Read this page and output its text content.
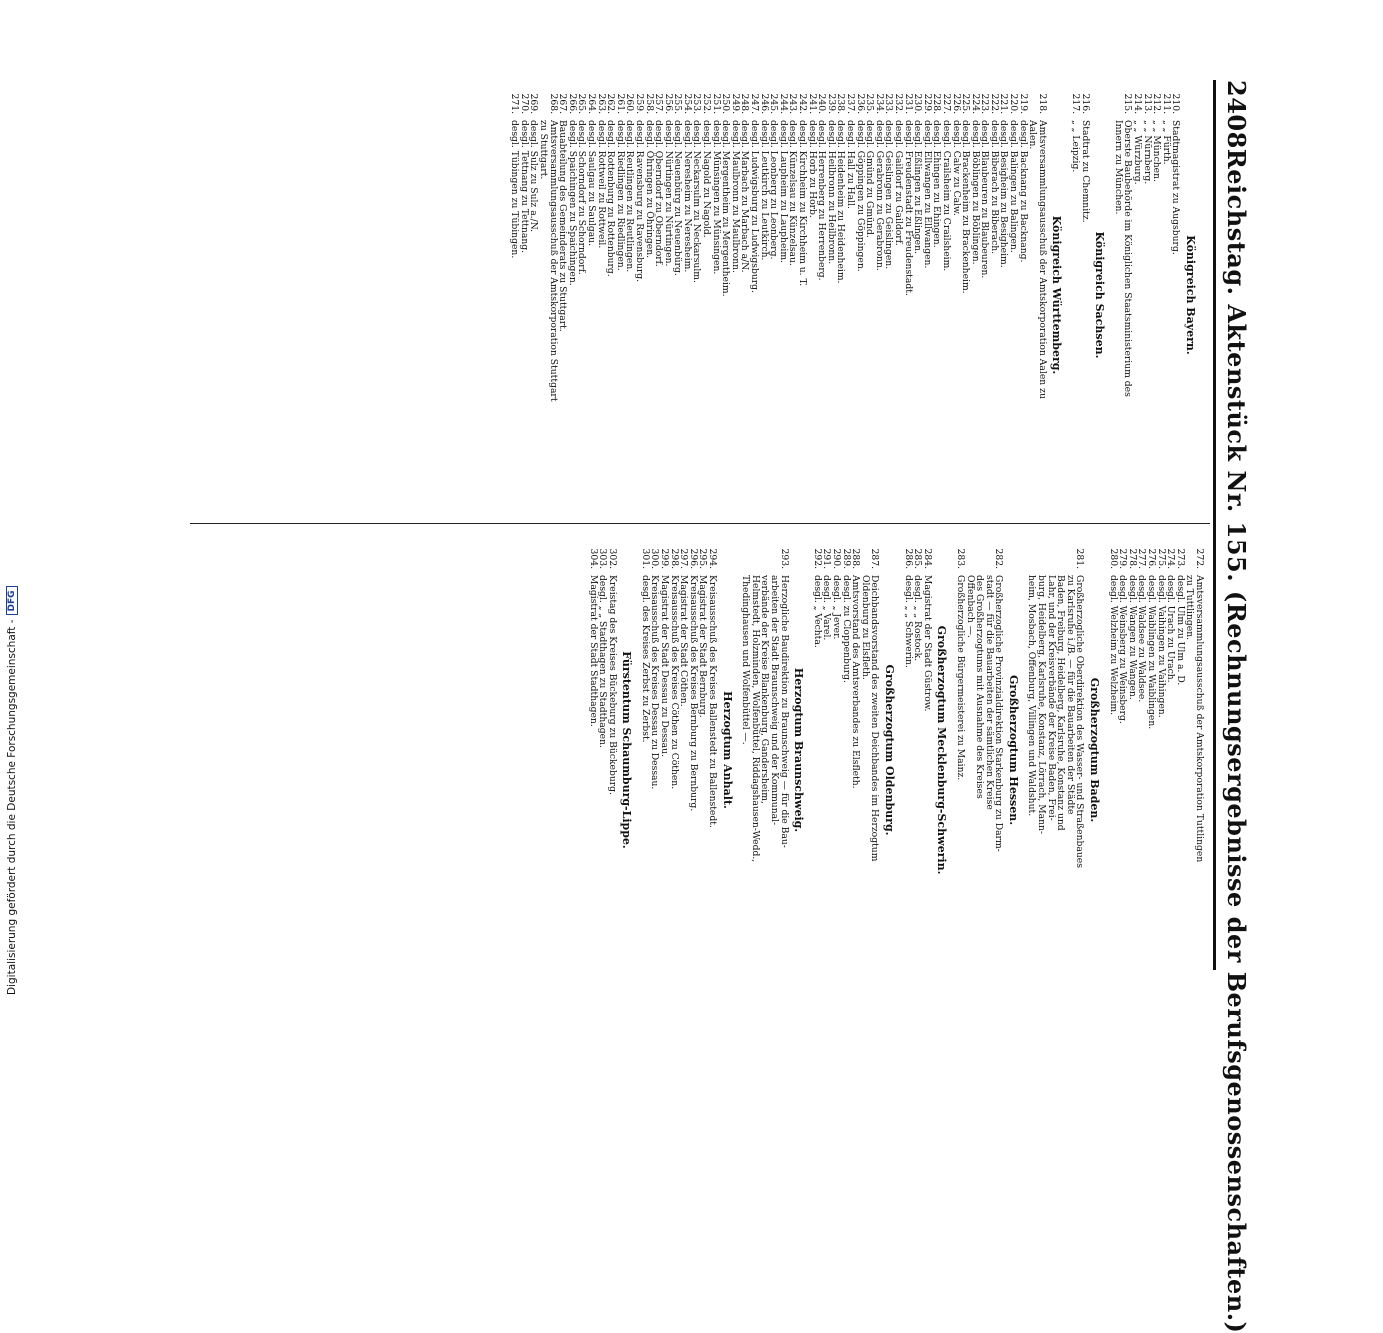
2408
Reichstag. Aktenstück Nr. 155. (Rechnungsergebnisse der Berufsgenossenschaften.)
Königreich Bayern.
210.
Stadtmagistrat zu Augsburg.
211.
„ „ Fürth.
212.
„ „ München.
213.
„ „ Nürnberg.
214.
„ „ Würzburg.
215.
Oberste Baubehörde im Königlichen Staatsministerium des
Innern zu München.
Königreich Sachsen.
216.
Stadtrat zu Chemnitz.
217.
„ „ Leipzig.
Königreich Württemberg.
218.
Amtsversammlungsausschuß der Amtskorporation Aalen zu
Aalen.
219.
desgl. Backnang zu Backnang.
220.
desgl. Balingen zu Balingen.
221.
desgl. Besigheim zu Besigheim.
222.
desgl. Biberach zu Biberach.
223.
desgl. Blaubeuren zu Blaubeuren.
224.
desgl. Böblingen zu Böblingen.
225.
desgl. Brackenheim zu Brackenheim.
226.
desgl. Calw zu Calw.
227.
desgl. Crailsheim zu Crailsheim.
228.
desgl. Ehingen zu Ehingen.
229.
desgl. Ellwangen zu Ellwangen.
230.
desgl. Eßlingen zu Eßlingen.
231.
desgl. Freudenstadt zu Freudenstadt.
232.
desgl. Gaildorf zu Gaildorf.
233.
desgl. Geislingen zu Geislingen.
234.
desgl. Gerabronn zu Gerabronn.
235.
desgl. Gmünd zu Gmünd.
236.
desgl. Göppingen zu Göppingen.
237.
desgl. Hall zu Hall.
238.
desgl. Heidenheim zu Heidenheim.
239.
desgl. Heilbronn zu Heilbronn.
240.
desgl. Herrenberg zu Herrenberg.
241.
desgl. Horb zu Horb.
242.
desgl. Kirchheim zu Kirchheim u. T.
243.
desgl. Künzelsau zu Künzelsau.
244.
desgl. Laupheim zu Laupheim.
245.
desgl. Leonberg zu Leonberg.
246.
desgl. Leutkirch zu Leutkirch.
247.
desgl. Ludwigsburg zu Ludwigsburg.
248.
desgl. Marbach zu Marbach a/N.
249.
desgl. Maulbronn zu Maulbronn.
250.
desgl. Mergentheim zu Mergentheim.
251.
desgl. Münsingen zu Münsingen.
252.
desgl. Nagold zu Nagold.
253.
desgl. Neckarsulm zu Neckarsulm.
254.
desgl. Neresheim zu Neresheim.
255.
desgl. Neuenbürg zu Neuenbürg.
256.
desgl. Nürtingen zu Nürtingen.
257.
desgl. Oberndorf zu Oberndorf.
258.
desgl. Öhringen zu Öhringen.
259.
desgl. Ravensburg zu Ravensburg.
260.
desgl. Reutlingen zu Reutlingen.
261.
desgl. Riedlingen zu Riedlingen.
262.
desgl. Rottenburg zu Rottenburg.
263.
desgl. Rottweil zu Rottweil.
264.
desgl. Saulgau zu Saulgau.
265.
desgl. Schorndorf zu Schorndorf.
266.
desgl. Spaichingen zu Spaichingen.
267.
Bauabteilung des Gemeinderats zu Stuttgart.
268.
Amtsversammlungsausschuß der Amtskorporation Stuttgart
zu Stuttgart.
269.
desgl. Sulz zu Sulz a./N.
270.
desgl. Tettnang zu Tettnang.
271.
desgl. Tübingen zu Tübingen.
272.
Amtsversammlungsausschuß der Amtskorporation Tuttlingen
zu Tuttlingen.
273.
desgl. Ulm zu Ulm a. D.
274.
desgl. Urach zu Urach.
275.
desgl. Vaihingen zu Vaihingen.
276.
desgl. Waiblingen zu Waiblingen.
277.
desgl. Waldsee zu Waldsee.
278.
desgl. Wangen zu Wangen.
279.
desgl. Weinsberg zu Weinsberg.
280.
desgl. Welzheim zu Welzheim.
Großherzogtum Baden.
281.
Großherzogliche Oberdirektion des Wasser- und Straßenbaues
zu Karlsruhe i./B. — für die Bauarbeiten der Städte
Baden, Freiburg, Heidelberg, Karlsruhe, Konstanz und
Lahr, und der Kreisverbände der Kreise Baden, Frei-
burg, Heidelberg, Karlsruhe, Konstanz, Lörrach, Mann-
heim, Mosbach, Offenburg, Villingen und Waldshut.
Großherzogtum Hessen.
282.
Großherzogliche Provinzialdirektion Starkenburg zu Darm-
stadt — für die Bauarbeiten der sämtlichen Kreise
des Großherzogtums mit Ausnahme des Kreises
Offenbach —.
283.
Großherzogliche Bürgermeisterei zu Mainz.
Großherzogtum Mecklenburg-Schwerin.
284.
Magistrat der Stadt Güstrow.
285.
desgl. „ „ Rostock.
286.
desgl. „ „ Schwerin.
Großherzogtum Oldenburg.
287.
Deichbandsvorstand des zweiten Deichbandes im Herzogtum
Oldenburg zu Elsfleth.
288.
Amtsvorstand des Amtsverbandes zu Elsfleth.
289.
desgl. zu Cloppenburg.
290.
desgl. „ Jever.
291.
desgl. „ Varel.
292.
desgl. „ Vechta.
Herzogtum Braunschweig.
293.
Herzogliche Baudirektion zu Braunschweig — für die Bau-
arbeiten der Stadt Braunschweig und der Kommunal-
verbände der Kreise Blankenburg, Gandersheim,
Helmstedt, Holzminden, Wolfenbüttel, Riddagshausen-Wedd.,
Thedinghausen und Wolfenbüttel —.
Herzogtum Anhalt.
294.
Kreisausschuß des Kreises Ballenstedt zu Ballenstedt.
295.
Magistrat der Stadt Bernburg.
296.
Kreisausschuß des Kreises Bernburg zu Bernburg.
297.
Magistrat der Stadt Cöthen.
298.
Kreisausschuß des Kreises Cöthen zu Cöthen.
299.
Magistrat der Stadt Dessau zu Dessau.
300.
Kreisausschuß des Kreises Dessau zu Dessau.
301.
desgl. des Kreises Zerbst zu Zerbst.
Fürstentum Schaumburg-Lippe.
302.
Kreistag des Kreises Bückeburg zu Bückeburg.
303.
desgl. „ „ Stadthagen zu Stadthagen.
304.
Magistrat der Stadt Stadthagen.
Digitalisierung gefördert durch die Deutsche Forschungsgemeinschaft -
DFG
